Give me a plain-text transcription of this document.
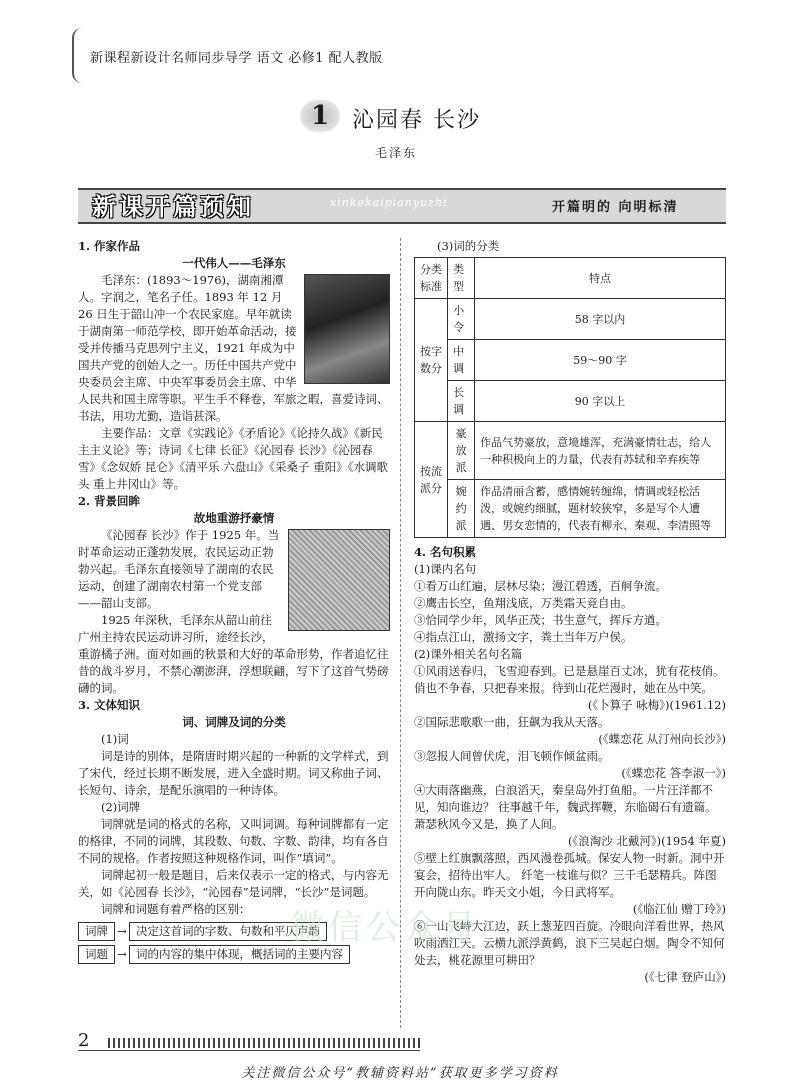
新课程新设计名师同步导学 语文 必修1 配人教版
1	沁园春 长沙
毛泽东
新课开篇预知	xinkekaipianyuzhi	开篇明的 向明标清

1. 作家作品

一代伟人——毛泽东

毛泽东：(1893～1976)，湖南湘潭人。字润之，笔名子任。1893 年 12 月 26 日生于韶山冲一个农民家庭。早年就读于湖南第一师范学校，即开始革命活动，接受并传播马克思列宁主义，1921 年成为中国共产党的创始人之一。历任中国共产党中央委员会主席、中央军事委员会主席、中华人民共和国主席等职。平生手不释卷，军旅之暇，喜爱诗词、书法，用功尤勤，造诣甚深。

主要作品：文章《实践论》《矛盾论》《论持久战》《新民主主义论》等；诗词《七律 长征》《沁园春 长沙》《沁园春 雪》《念奴娇 昆仑》《清平乐 六盘山》《采桑子 重阳》《水调歌头 重上井冈山》等。

2. 背景回眸

故地重游抒豪情

《沁园春 长沙》作于 1925 年。当时革命运动正蓬勃发展，农民运动正勃勃兴起。毛泽东直接领导了湖南的农民运动，创建了湖南农村第一个党支部——韶山支部。

1925 年深秋，毛泽东从韶山前往广州主持农民运动讲习所，途经长沙，重游橘子洲。面对如画的秋景和大好的革命形势，作者追忆往昔的战斗岁月，不禁心潮澎湃，浮想联翩，写下了这首气势磅礴的词。

3. 文体知识

词、词牌及词的分类

(1)词

词是诗的别体，是隋唐时期兴起的一种新的文学样式，到了宋代，经过长期不断发展，进入全盛时期。词又称曲子词、长短句、诗余，是配乐演唱的一种诗体。

(2)词牌

词牌就是词的格式的名称，又叫词调。每种词牌都有一定的格律，不同的词牌，其段数、句数、字数、韵律，均有各自不同的规格。作者按照这种规格作词，叫作“填词”。

词牌起初一般是题目，后来仅表示一定的格式，与内容无关，如《沁园春 长沙》，“沁园春”是词牌，“长沙”是词题。

词牌和词题有着严格的区别：

词牌 → 决定这首词的字数、句数和平仄声韵
词题 → 词的内容的集中体现，概括词的主要内容

(3)词的分类

分类标准	类型	特点
按字数分	小令	58 字以内
	中调	59～90 字
	长调	90 字以上
按流派分	豪放派	作品气势豪放，意境雄浑，充满豪情壮志，给人一种积极向上的力量，代表有苏轼和辛弃疾等
	婉约派	作品清丽含蓄，感情婉转缠绵，情调或轻松活泼，或婉约细腻，题材较狭窄，多是写个人遭遇、男女恋情的，代表有柳永、秦观、李清照等

4. 名句积累

(1)课内名句

①看万山红遍，层林尽染；漫江碧透，百舸争流。

②鹰击长空，鱼翔浅底，万类霜天竞自由。

③恰同学少年，风华正茂；书生意气，挥斥方遒。

④指点江山，激扬文字，粪土当年万户侯。

(2)课外相关名句名篇

①风雨送春归，飞雪迎春到。已是悬崖百丈冰，犹有花枝俏。 俏也不争春，只把春来报。待到山花烂漫时，她在丛中笑。

(《卜算子 咏梅》)(1961.12)

②国际悲歌歌一曲，狂飙为我从天落。

(《蝶恋花 从汀州向长沙》)

③忽报人间曾伏虎，泪飞顿作倾盆雨。

(《蝶恋花 答李淑一》)

④大雨落幽燕，白浪滔天，秦皇岛外打鱼船。一片汪洋都不见，知向谁边？ 往事越千年，魏武挥鞭，东临碣石有遗篇。萧瑟秋风今又是，换了人间。

(《浪淘沙 北戴河》)(1954 年夏)

⑤壁上红旗飘落照，西风漫卷孤城。保安人物一时新。洞中开宴会，招待出牢人。 纤笔一枝谁与似？三千毛瑟精兵。阵图开向陇山东。昨天文小姐，今日武将军。

(《临江仙 赠丁玲》)

⑥一山飞峙大江边，跃上葱茏四百旋。冷眼向洋看世界，热风吹雨洒江天。云横九派浮黄鹤，浪下三吴起白烟。陶令不知何处去，桃花源里可耕田？

(《七律 登庐山》)

微信公众号
2
关注微信公众号“教辅资料站”获取更多学习资料
